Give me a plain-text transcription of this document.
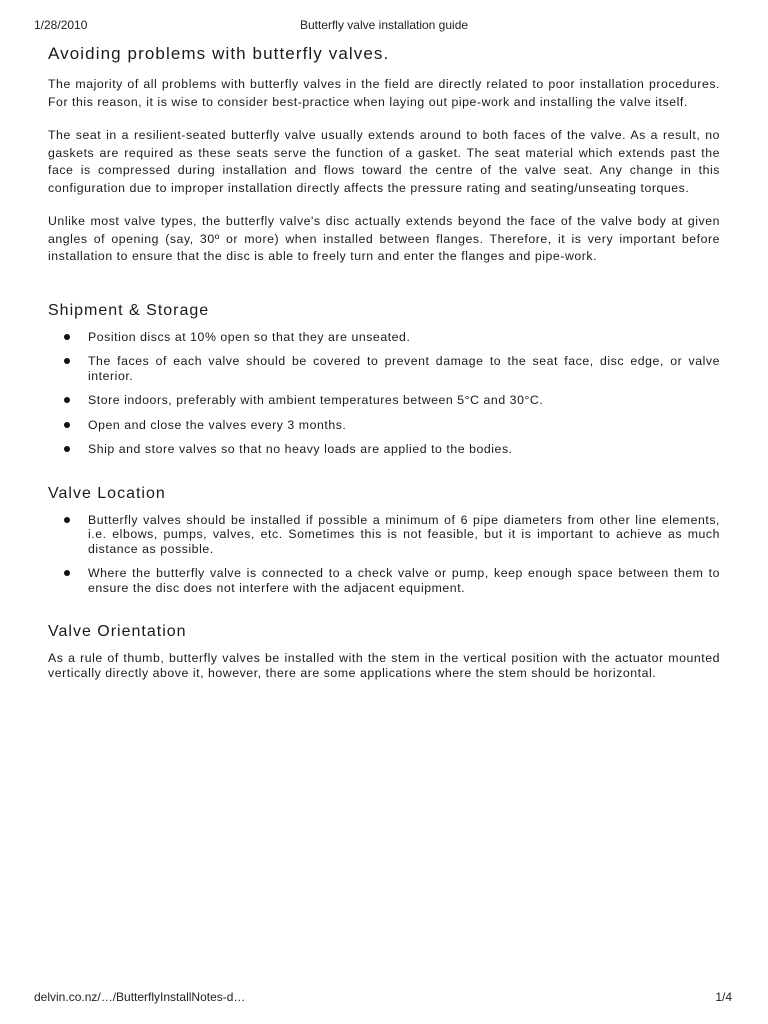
1/28/2010	Butterfly valve installation guide
Avoiding problems with butterfly valves.

The majority of all problems with butterfly valves in the field are directly related to poor installation procedures. For this reason, it is wise to consider best-practice when laying out pipe-work and installing the valve itself.

The seat in a resilient-seated butterfly valve usually extends around to both faces of the valve. As a result, no gaskets are required as these seats serve the function of a gasket. The seat material which extends past the face is compressed during installation and flows toward the centre of the valve seat. Any change in this configuration due to improper installation directly affects the pressure rating and seating/unseating torques.

Unlike most valve types, the butterfly valve's disc actually extends beyond the face of the valve body at given angles of opening (say, 30º or more) when installed between flanges. Therefore, it is very important before installation to ensure that the disc is able to freely turn and enter the flanges and pipe-work.

Shipment & Storage
Position discs at 10% open so that they are unseated.
The faces of each valve should be covered to prevent damage to the seat face, disc edge, or valve interior.
Store indoors, preferably with ambient temperatures between 5°C and 30°C.
Open and close the valves every 3 months.
Ship and store valves so that no heavy loads are applied to the bodies.
Valve Location
Butterfly valves should be installed if possible a minimum of 6 pipe diameters from other line elements, i.e. elbows, pumps, valves, etc. Sometimes this is not feasible, but it is important to achieve as much distance as possible.
Where the butterfly valve is connected to a check valve or pump, keep enough space between them to ensure the disc does not interfere with the adjacent equipment.
Valve Orientation

As a rule of thumb, butterfly valves be installed with the stem in the vertical position with the actuator mounted vertically directly above it, however, there are some applications where the stem should be horizontal.

delvin.co.nz/…/ButterflyInstallNotes-d…	1/4
